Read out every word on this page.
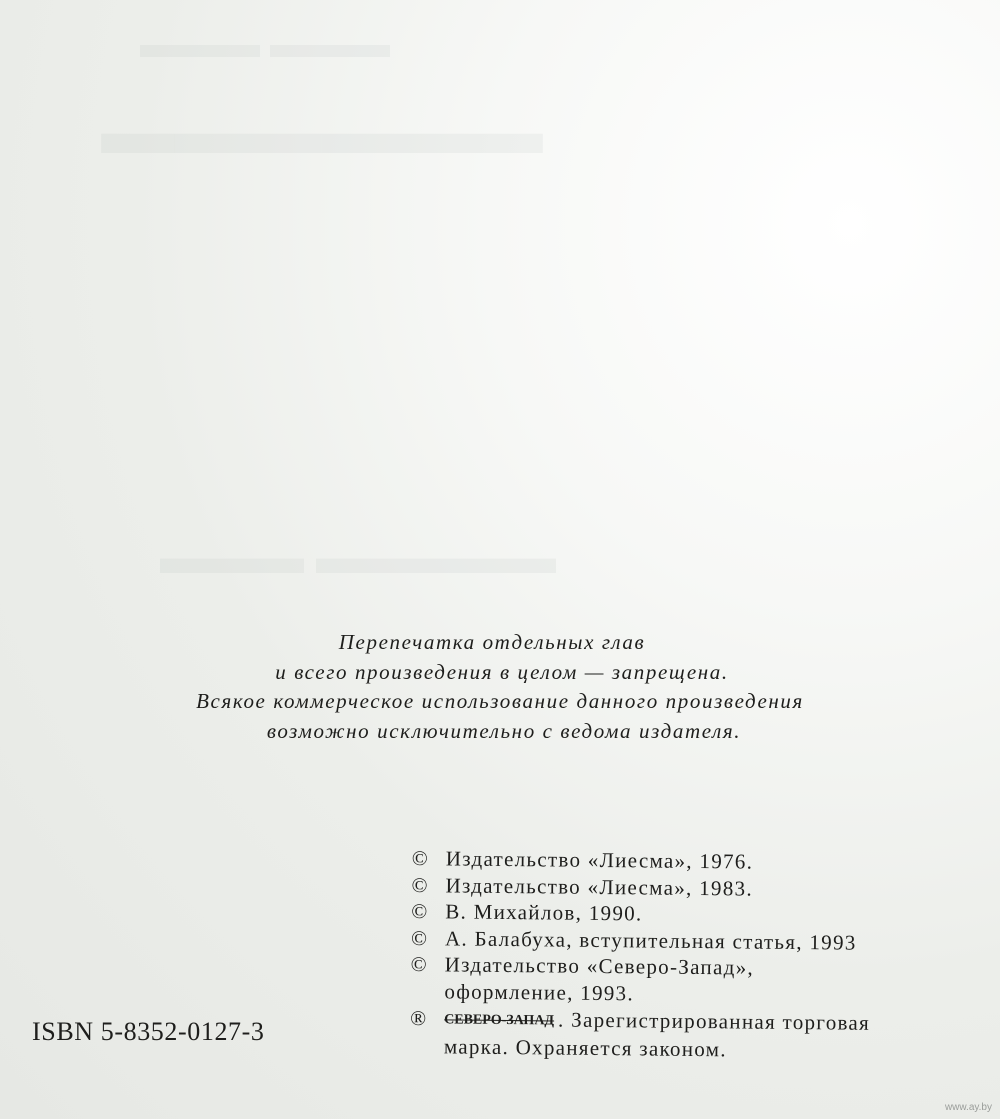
▬▬▬ ▬▬▬
▬▬▬▬▬▬
▬▬▬ ▬▬▬▬▬
Перепечатка отдельных глав
и всего произведения в целом — запрещена.
Всякое коммерческое использование данного произведения
возможно исключительно с ведома издателя.
© Издательство «Лиесма», 1976.
© Издательство «Лиесма», 1983.
© В. Михайлов, 1990.
© А. Балабуха, вступительная статья, 1993
© Издательство «Северо-Запад»,
оформление, 1993.
® СЕВЕРО-ЗАПАД . Зарегистрированная торговая
марка. Охраняется законом.
ISBN 5-8352-0127-3
www.ay.by
